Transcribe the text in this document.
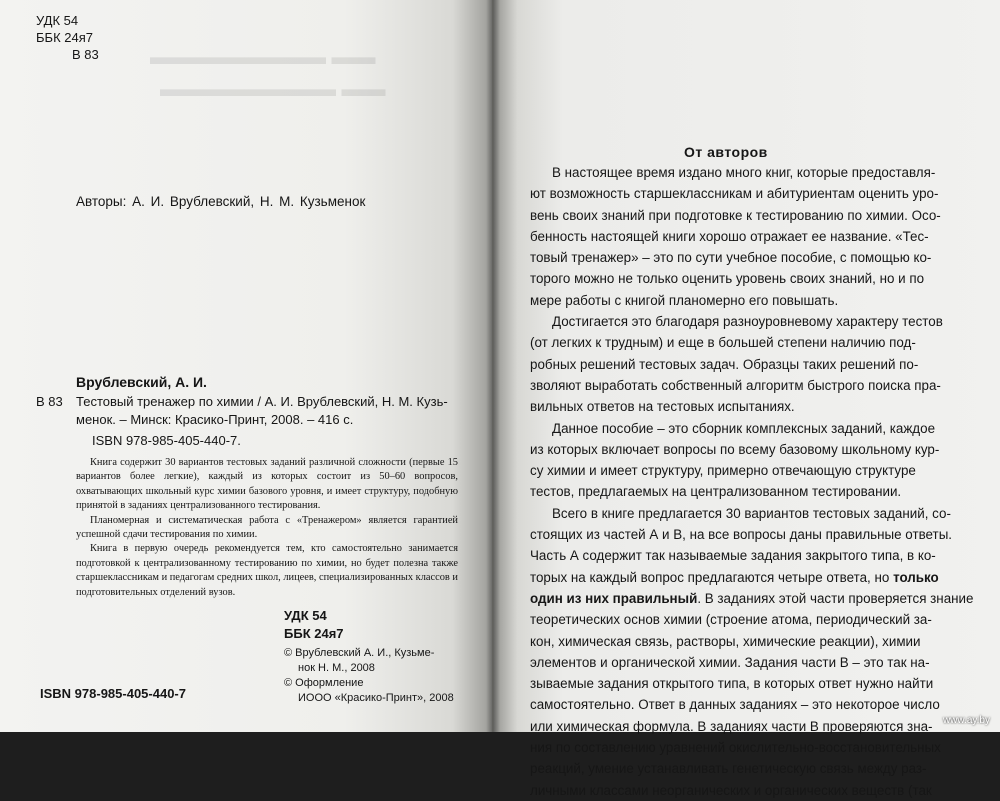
▬▬ ▬▬▬▬▬▬▬▬
▬▬ ▬▬▬▬▬▬▬▬
УДК 54
ББК 24я7
В 83
Авторы: А. И. Врублевский, Н. М. Кузьменок
Врублевский, А. И.
В 83 Тестовый тренажер по химии / А. И. Врублевский, Н. М. Кузь-
менок. – Минск: Красико-Принт, 2008. – 416 с.
ISBN 978-985-405-440-7.

Книга содержит 30 вариантов тестовых заданий различной сложности (первые 15 вариантов более легкие), каждый из которых состоит из 50–60 вопросов, охватывающих школьный курс химии базового уровня, и имеет структуру, подобную принятой в заданиях централизованного тестирования.

Планомерная и систематическая работа с «Тренажером» является гарантией успешной сдачи тестирования по химии.

Книга в первую очередь рекомендуется тем, кто самостоятельно занимается подготовкой к централизованному тестированию по химии, но будет полезна также старшеклассникам и педагогам средних школ, лицеев, специализированных классов и подготовительных отделений вузов.

УДК 54
ББК 24я7
© Врублевский А. И., Кузьме-
нок Н. М., 2008
© Оформление
ИООО «Красико-Принт», 2008
ISBN 978-985-405-440-7
От авторов
В настоящее время издано много книг, которые предоставля-
ют возможность старшеклассникам и абитуриентам оценить уро-
вень своих знаний при подготовке к тестированию по химии. Осо-
бенность настоящей книги хорошо отражает ее название. «Тес-
товый тренажер» – это по сути учебное пособие, с помощью ко-
торого можно не только оценить уровень своих знаний, но и по
мере работы с книгой планомерно его повышать.
Достигается это благодаря разноуровневому характеру тестов
(от легких к трудным) и еще в большей степени наличию под-
робных решений тестовых задач. Образцы таких решений по-
зволяют выработать собственный алгоритм быстрого поиска пра-
вильных ответов на тестовых испытаниях.
Данное пособие – это сборник комплексных заданий, каждое
из которых включает вопросы по всему базовому школьному кур-
су химии и имеет структуру, примерно отвечающую структуре
тестов, предлагаемых на централизованном тестировании.
Всего в книге предлагается 30 вариантов тестовых заданий, со-
стоящих из частей А и В, на все вопросы даны правильные ответы.
Часть А содержит так называемые задания закрытого типа, в ко-
торых на каждый вопрос предлагаются четыре ответа, но только
один из них правильный. В заданиях этой части проверяется знание
теоретических основ химии (строение атома, периодический за-
кон, химическая связь, растворы, химические реакции), химии
элементов и органической химии. Задания части В – это так на-
зываемые задания открытого типа, в которых ответ нужно найти
самостоятельно. Ответ в данных заданиях – это некоторое число
или химическая формула. В заданиях части В проверяются зна-
ния по составлению уравнений окислительно-восстановительных
реакций, умение устанавливать генетическую связь между раз-
личными классами неорганических и органических веществ (так
www.ay.by
